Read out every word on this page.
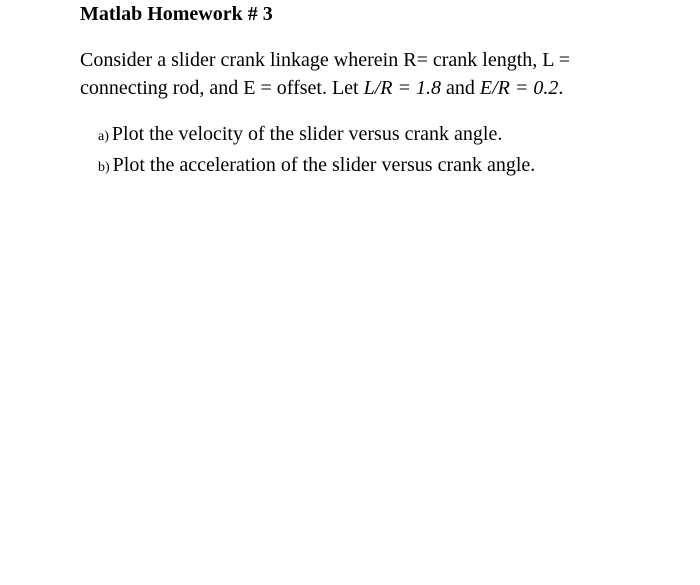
Matlab Homework # 3
Consider a slider crank linkage wherein R= crank length, L =
connecting rod, and E = offset. Let L/R = 1.8 and E/R = 0.2.
a) Plot the velocity of the slider versus crank angle.
b) Plot the acceleration of the slider versus crank angle.
